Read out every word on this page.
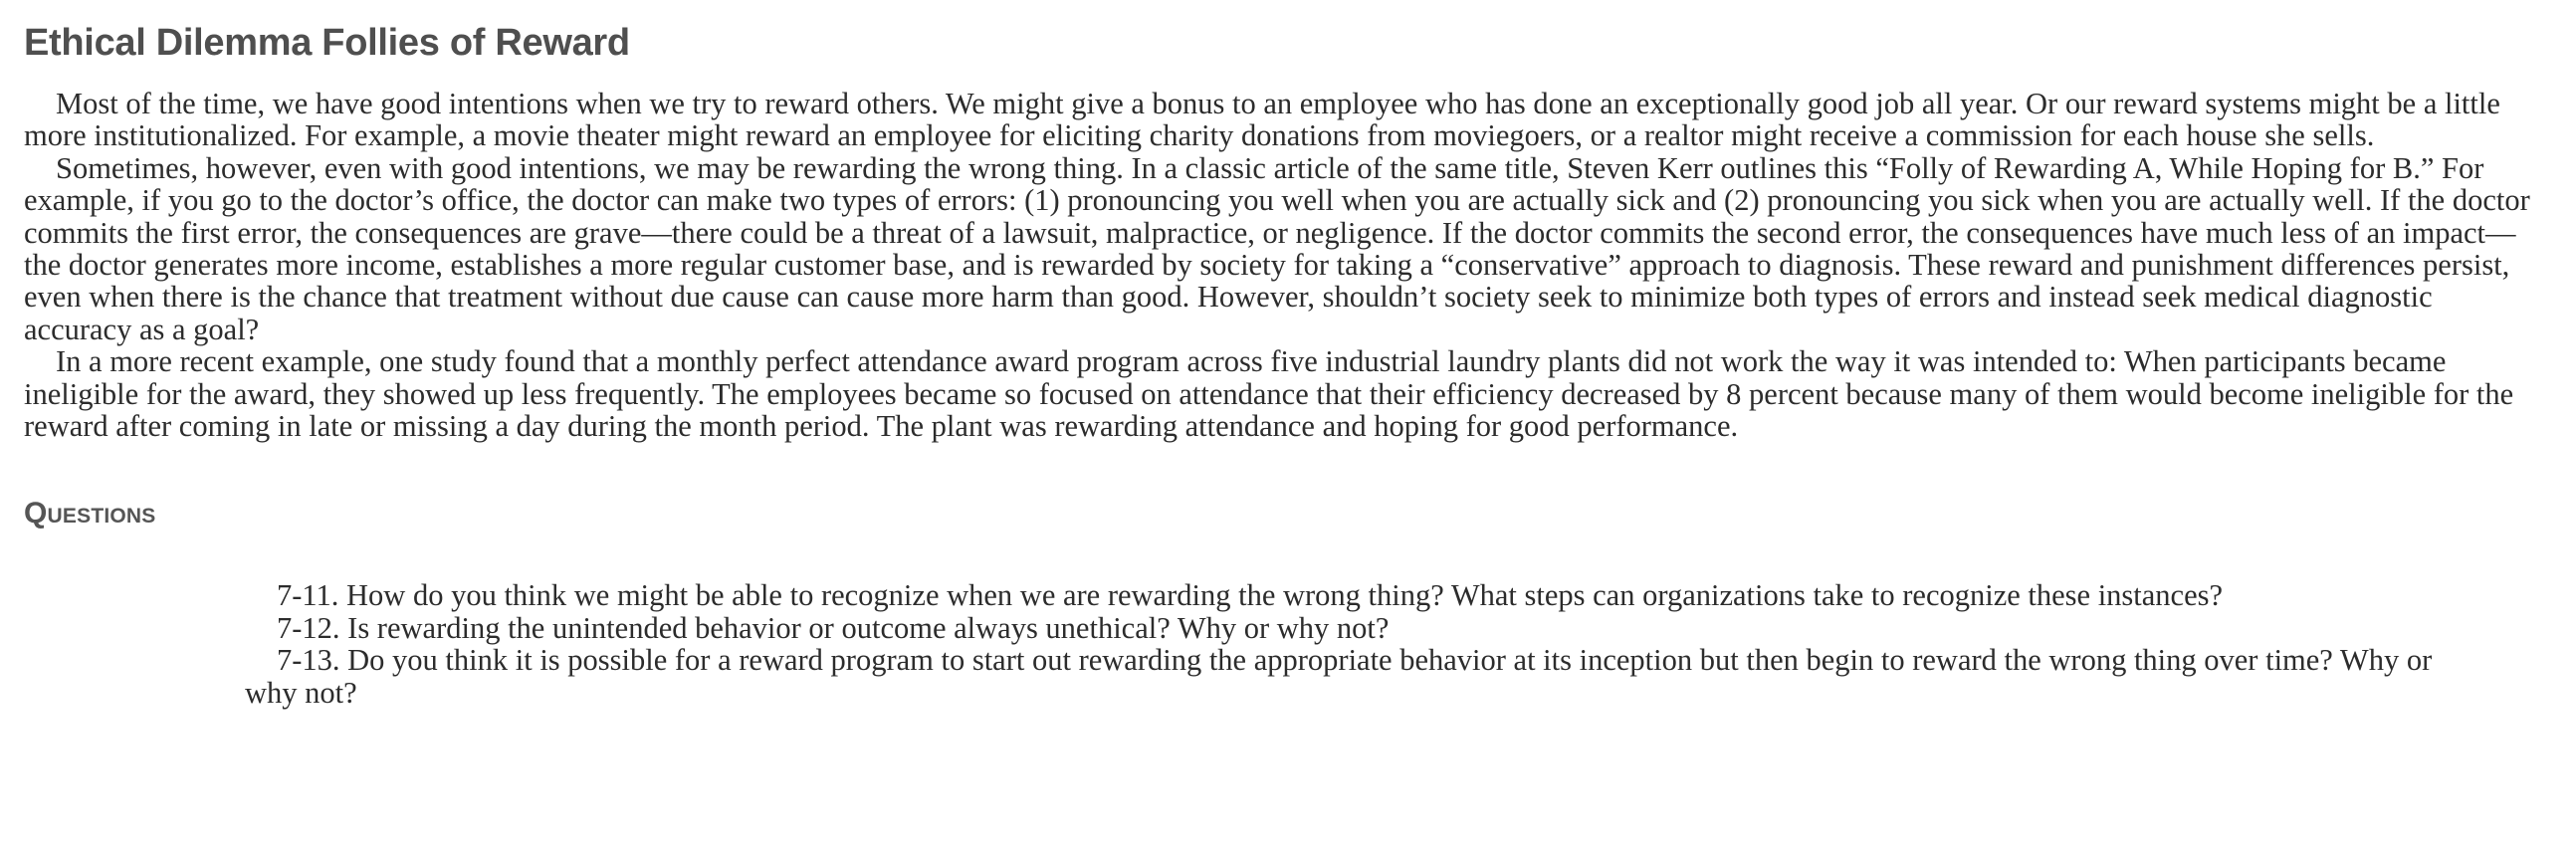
Ethical Dilemma Follies of Reward

Most of the time, we have good intentions when we try to reward others. We might give a bonus to an employee who has done an exceptionally good job all year. Or our reward systems might be a little more institutionalized. For example, a movie theater might reward an employee for eliciting charity donations from moviegoers, or a realtor might receive a commission for each house she sells.

Sometimes, however, even with good intentions, we may be rewarding the wrong thing. In a classic article of the same title, Steven Kerr outlines this “Folly of Rewarding A, While Hoping for B.” For example, if you go to the doctor’s office, the doctor can make two types of errors: (1) pronouncing you well when you are actually sick and (2) pronouncing you sick when you are actually well. If the doctor commits the first error, the consequences are grave—there could be a threat of a lawsuit, malpractice, or negligence. If the doctor commits the second error, the consequences have much less of an impact—the doctor generates more income, establishes a more regular customer base, and is rewarded by society for taking a “conservative” approach to diagnosis. These reward and punishment differences persist, even when there is the chance that treatment without due cause can cause more harm than good. However, shouldn’t society seek to minimize both types of errors and instead seek medical diagnostic accuracy as a goal?

In a more recent example, one study found that a monthly perfect attendance award program across five industrial laundry plants did not work the way it was intended to: When participants became ineligible for the award, they showed up less frequently. The employees became so focused on attendance that their efficiency decreased by 8 percent because many of them would become ineligible for the reward after coming in late or missing a day during the month period. The plant was rewarding attendance and hoping for good performance.

Questions

7-11. How do you think we might be able to recognize when we are rewarding the wrong thing? What steps can organizations take to recognize these instances?

7-12. Is rewarding the unintended behavior or outcome always unethical? Why or why not?

7-13. Do you think it is possible for a reward program to start out rewarding the appropriate behavior at its inception but then begin to reward the wrong thing over time? Why or why not?
